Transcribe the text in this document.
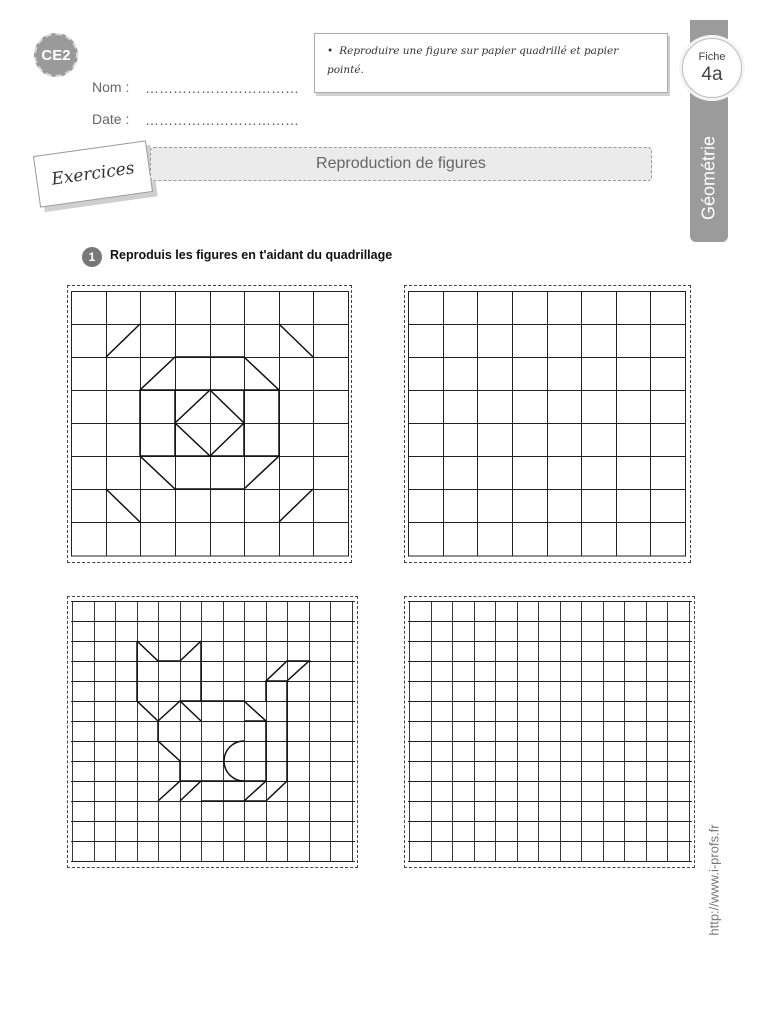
Géométrie
CE2
Nom : ……………………………
Date : ……………………………
• Reproduire une figure sur papier quadrillé et papier pointé.
Fiche
4a
Exercices	Reproduction de figures
1	Reproduis les figures en t'aidant du quadrillage
http://www.i-profs.fr
